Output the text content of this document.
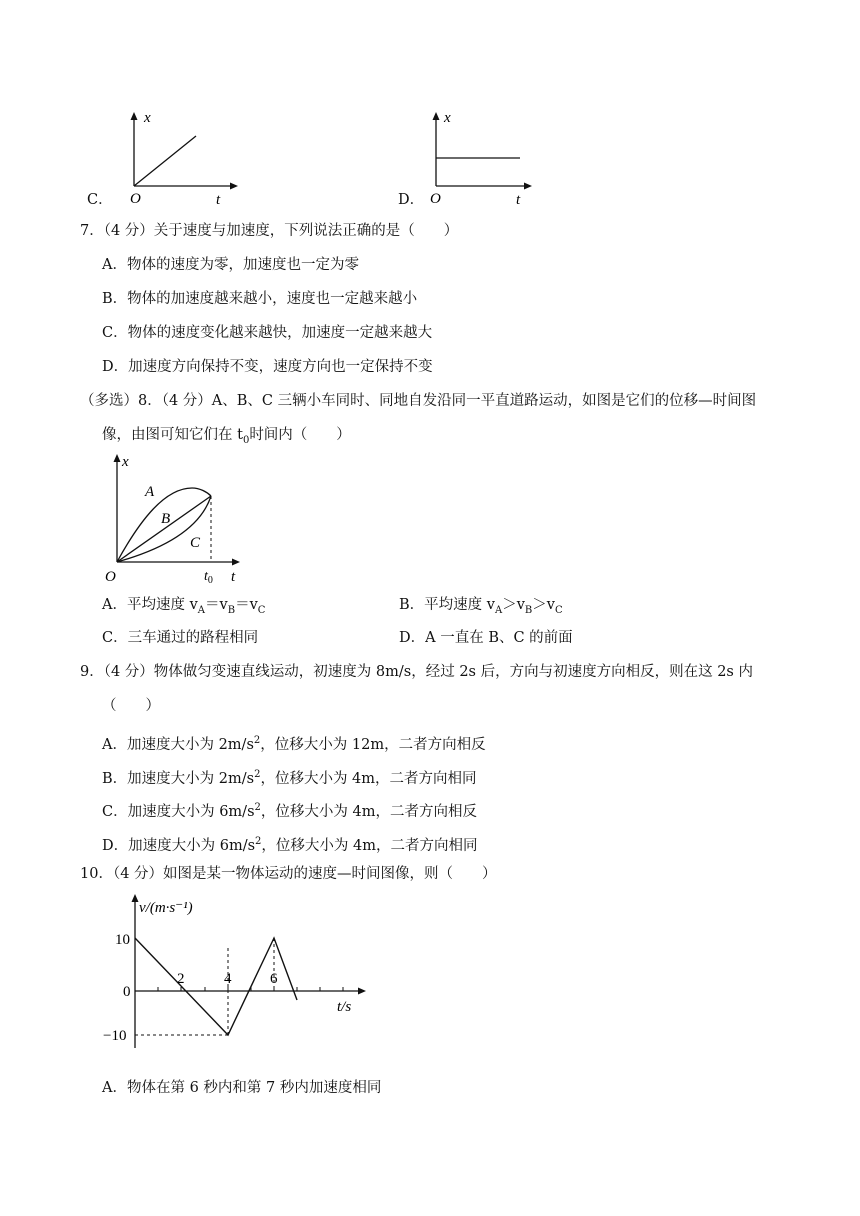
x
t
O
C．
x
t
O
D．
7．（4 分）关于速度与加速度，下列说法正确的是（　　）
A．物体的速度为零，加速度也一定为零
B．物体的加速度越来越小，速度也一定越来越小
C．物体的速度变化越来越快，加速度一定越来越大
D．加速度方向保持不变，速度方向也一定保持不变
（多选）8．（4 分）A、B、C 三辆小车同时、同地自发沿同一平直道路运动，如图是它们的位移—时间图
像，由图可知它们在 $t_0$时间内（　　）
x
t
O	$t_0$
A
B
C
A．平均速度 $v_A=v_B=v_C$	B．平均速度 $v_A>v_B>v_C$
C．三车通过的路程相同	D．A 一直在 B、C 的前面
9．（4 分）物体做匀变速直线运动，初速度为 8m/s，经过 2s 后，方向与初速度方向相反，则在这 2s 内
（　　）
A．加速度大小为 $2m/s^2$，位移大小为 12m，二者方向相反
B．加速度大小为 $2m/s^2$，位移大小为 4m，二者方向相同
C．加速度大小为 $6m/s^2$，位移大小为 4m，二者方向相反
D．加速度大小为 $6m/s^2$，位移大小为 4m，二者方向相同
10．（4 分）如图是某一物体运动的速度—时间图像，则（　　）
v/(m·s⁻¹)
t/s
10
0
−10
2	4	6
A．物体在第 6 秒内和第 7 秒内加速度相同
